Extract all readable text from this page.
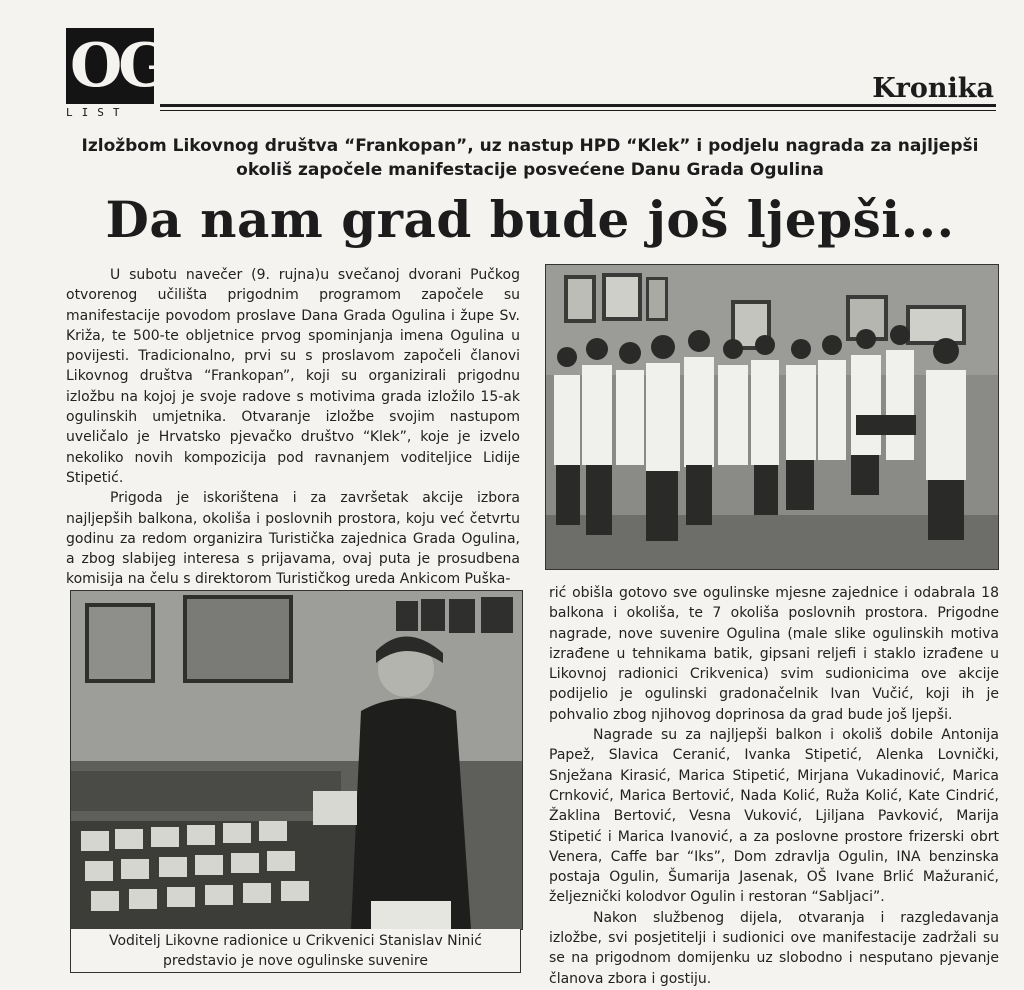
OG
LIST
Kronika
Izložbom Likovnog društva “Frankopan”, uz nastup HPD “Klek” i podjelu nagrada za najljepši okoliš započele manifestacije posvećene Danu Grada Ogulina
Da nam grad bude još ljepši...

U subotu navečer (9. rujna)u svečanoj dvorani Pučkog otvorenog učilišta prigodnim programom započele su manifestacije povodom proslave Dana Grada Ogulina i župe Sv. Križa, te 500-te obljetnice prvog spominjanja imena Ogulina u povijesti. Tradicionalno, prvi su s proslavom započeli članovi Likovnog društva “Frankopan”, koji su organizirali prigodnu izložbu na kojoj je svoje radove s motivima grada izložilo 15-ak ogulinskih umjetnika. Otvaranje izložbe svojim nastupom uveličalo je Hrvatsko pjevačko društvo “Klek”, koje je izvelo nekoliko novih kompozicija pod ravnanjem voditeljice Lidije Stipetić.

Prigoda je iskorištena i za završetak akcije izbora najljepših balkona, okoliša i poslovnih prostora, koju već četvrtu godinu za redom organizira Turistička zajednica Grada Ogulina, a zbog slabijeg interesa s prijavama, ovaj puta je prosudbena komisija na čelu s direktorom Turističkog ureda Ankicom Puška-

Voditelj Likovne radionice u Crikvenici Stanislav Ninić predstavio je nove ogulinske suvenire

rić obišla gotovo sve ogulinske mjesne zajednice i odabrala 18 balkona i okoliša, te 7 okoliša poslovnih prostora. Prigodne nagrade, nove suvenire Ogulina (male slike ogulinskih motiva izrađene u tehnikama batik, gipsani reljefi i staklo izrađene u Likovnoj radionici Crikvenica) svim sudionicima ove akcije podijelio je ogulinski gradonačelnik Ivan Vučić, koji ih je pohvalio zbog njihovog doprinosa da grad bude još ljepši.

Nagrade su za najljepši balkon i okoliš dobile Antonija Papež, Slavica Ceranić, Ivanka Stipetić, Alenka Lovnički, Snježana Kirasić, Marica Stipetić, Mirjana Vukadinović, Marica Crnković, Marica Bertović, Nada Kolić, Ruža Kolić, Kate Cindrić, Žaklina Bertović, Vesna Vuković, Ljiljana Pavković, Marija Stipetić i Marica Ivanović, a za poslovne prostore frizerski obrt Venera, Caffe bar “Iks”, Dom zdravlja Ogulin, INA benzinska postaja Ogulin, Šumarija Jasenak, OŠ Ivane Brlić Mažuranić, željeznički kolodvor Ogulin i restoran “Sabljaci”.

Nakon službenog dijela, otvaranja i razgledavanja izložbe, svi posjetitelji i sudionici ove manifestacije zadržali su se na prigodnom domijenku uz slobodno i nesputano pjevanje članova zbora i gostiju.
